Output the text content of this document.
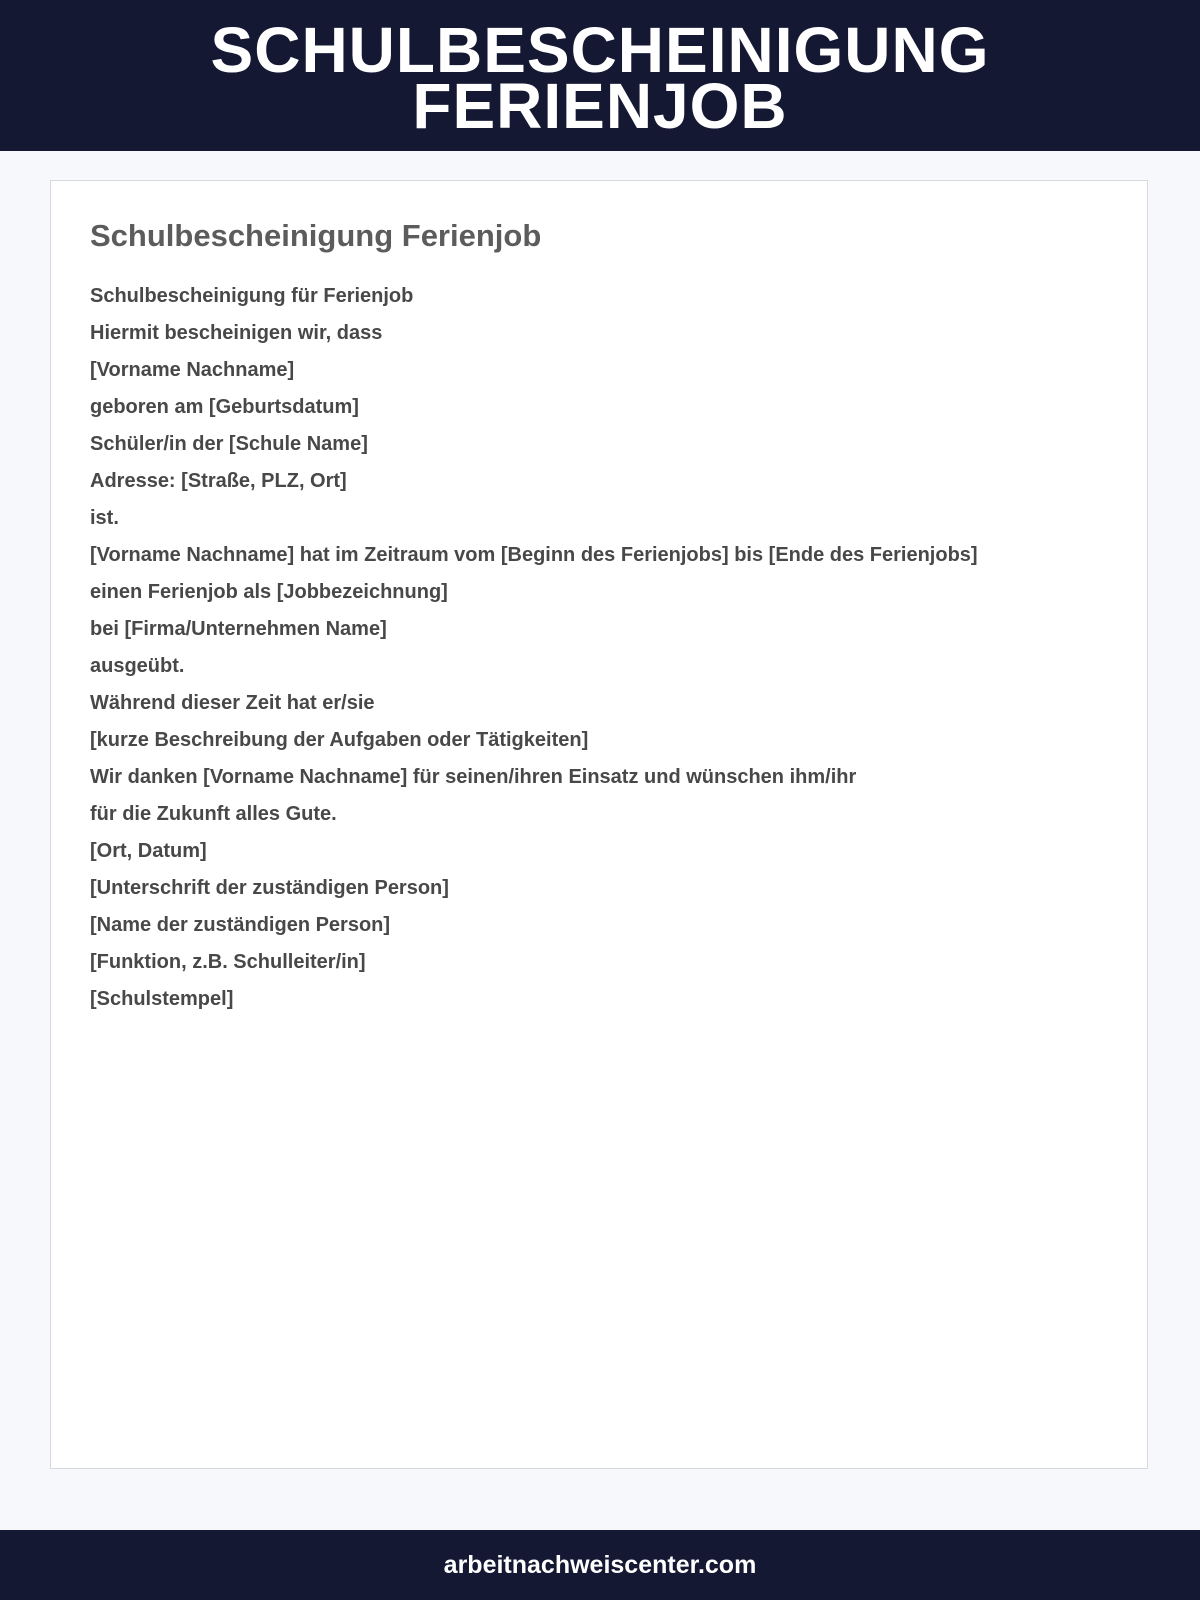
SCHULBESCHEINIGUNG
FERIENJOB
Schulbescheinigung Ferienjob
Schulbescheinigung für Ferienjob
Hiermit bescheinigen wir, dass
[Vorname Nachname]
geboren am [Geburtsdatum]
Schüler/in der [Schule Name]
Adresse: [Straße, PLZ, Ort]
ist.
[Vorname Nachname] hat im Zeitraum vom [Beginn des Ferienjobs] bis [Ende des Ferienjobs]
einen Ferienjob als [Jobbezeichnung]
bei [Firma/Unternehmen Name]
ausgeübt.
Während dieser Zeit hat er/sie
[kurze Beschreibung der Aufgaben oder Tätigkeiten]
Wir danken [Vorname Nachname] für seinen/ihren Einsatz und wünschen ihm/ihr
für die Zukunft alles Gute.
[Ort, Datum]
[Unterschrift der zuständigen Person]
[Name der zuständigen Person]
[Funktion, z.B. Schulleiter/in]
[Schulstempel]
arbeitnachweiscenter.com
